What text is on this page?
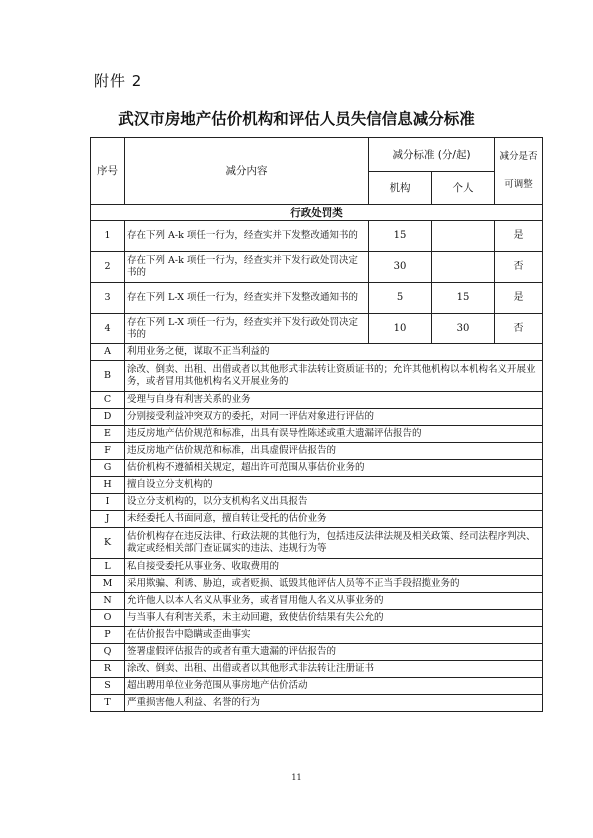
附件 2
武汉市房地产估价机构和评估人员失信信息减分标准
序号	减分内容	减分标准 (分/起)		减分是否
可调整

		机构	个人	
行政处罚类				
1	存在下列 A-k 项任一行为，经查实并下发整改通知书的	15		是
2	存在下列 A-k 项任一行为，经查实并下发行政处罚决定书的	30		否
3	存在下列 L-X 项任一行为，经查实并下发整改通知书的	5	15	是
4	存在下列 L-X 项任一行为，经查实并下发行政处罚决定书的	10	30	否
A	利用业务之便，谋取不正当利益的			
B	涂改、倒卖、出租、出借或者以其他形式非法转让资质证书的；允许其他机构以本机构名义开展业务，或者冒用其他机构名义开展业务的			
C	受理与自身有利害关系的业务			
D	分别接受利益冲突双方的委托，对同一评估对象进行评估的			
E	违反房地产估价规范和标准，出具有误导性陈述或重大遗漏评估报告的			
F	违反房地产估价规范和标准，出具虚假评估报告的			
G	估价机构不遵循相关规定，超出许可范围从事估价业务的			
H	擅自设立分支机构的			
I	设立分支机构的，以分支机构名义出具报告			
J	未经委托人书面同意，擅自转让受托的估价业务			
K	估价机构存在违反法律、行政法规的其他行为，包括违反法律法规及相关政策、经司法程序判决、裁定或经相关部门查证属实的违法、违规行为等			
L	私自接受委托从事业务、收取费用的			
M	采用欺骗、利诱、胁迫，或者贬损、诋毁其他评估人员等不正当手段招揽业务的			
N	允许他人以本人名义从事业务，或者冒用他人名义从事业务的			
O	与当事人有利害关系，未主动回避，致使估价结果有失公允的			
P	在估价报告中隐瞒或歪曲事实			
Q	签署虚假评估报告的或者有重大遗漏的评估报告的			
R	涂改、倒卖、出租、出借或者以其他形式非法转让注册证书			
S	超出聘用单位业务范围从事房地产估价活动			
T	严重损害他人利益、名誉的行为			
11
